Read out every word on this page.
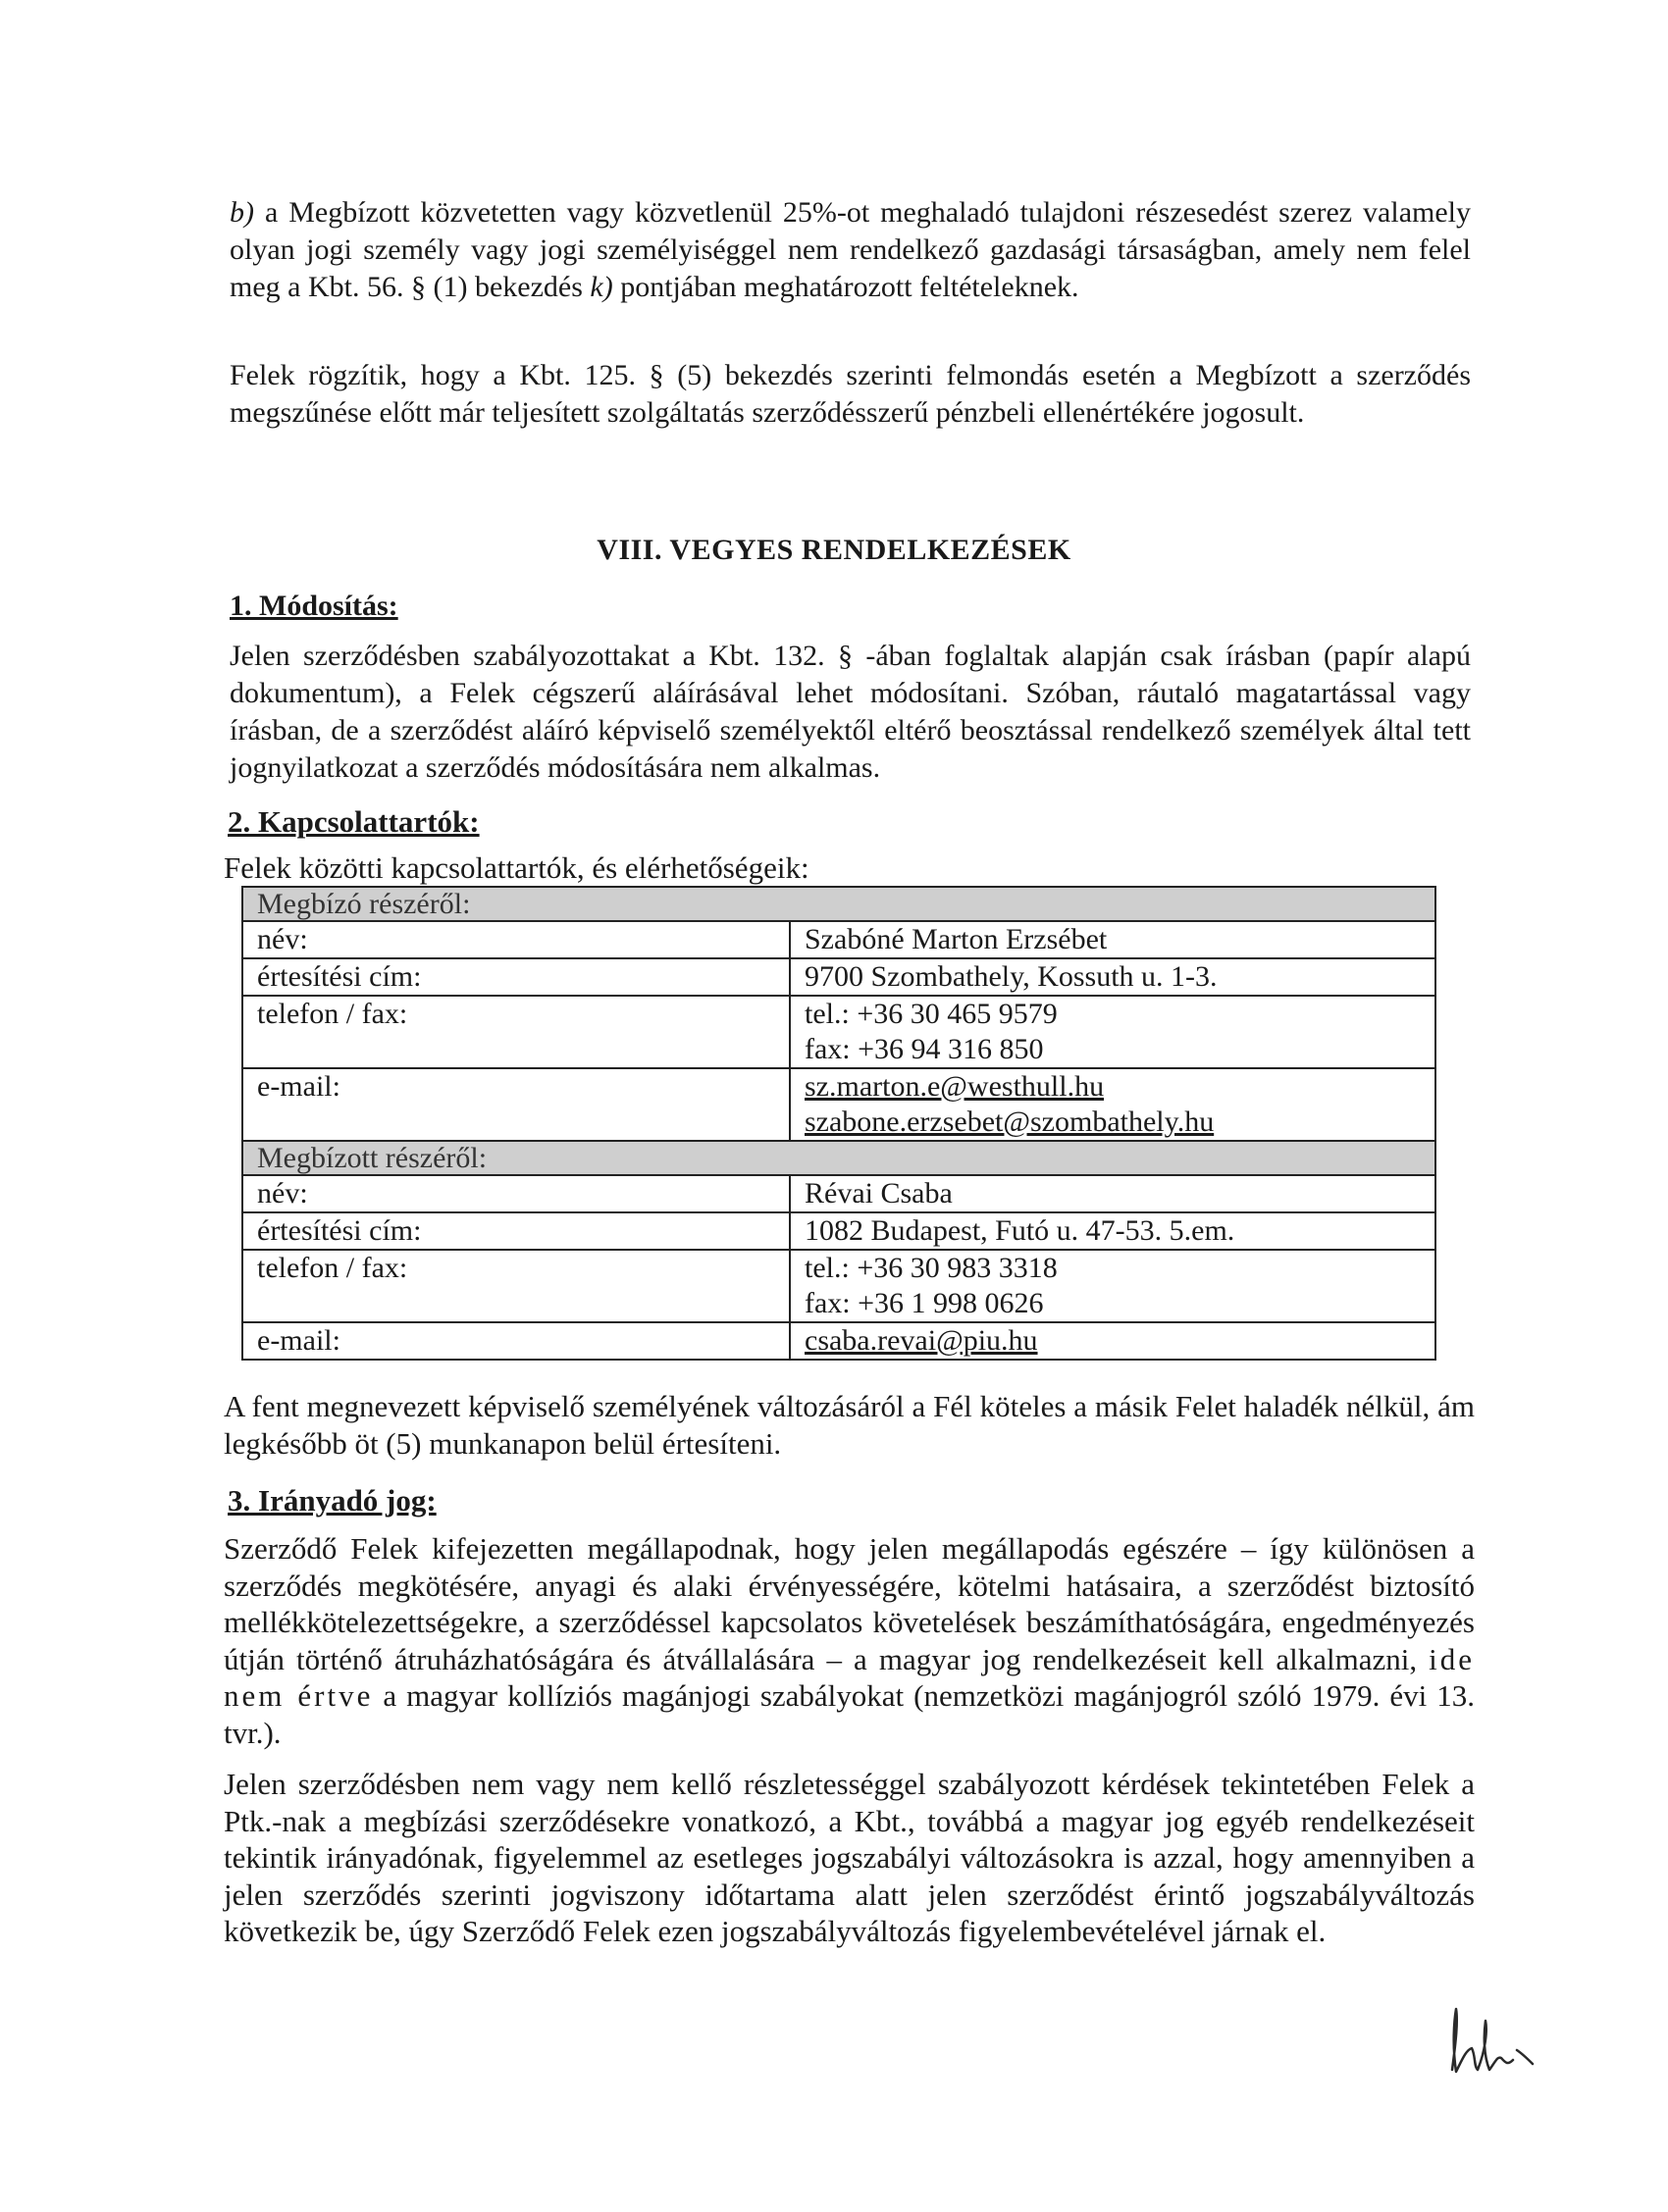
b) a Megbízott közvetetten vagy közvetlenül 25%-ot meghaladó tulajdoni részesedést szerez valamely olyan jogi személy vagy jogi személyiséggel nem rendelkező gazdasági társaságban, amely nem felel meg a Kbt. 56. § (1) bekezdés k) pontjában meghatározott feltételeknek.

Felek rögzítik, hogy a Kbt. 125. § (5) bekezdés szerinti felmondás esetén a Megbízott a szerződés megszűnése előtt már teljesített szolgáltatás szerződésszerű pénzbeli ellenértékére jogosult.

VIII. VEGYES RENDELKEZÉSEK
1. Módosítás:

Jelen szerződésben szabályozottakat a Kbt. 132. § -ában foglaltak alapján csak írásban (papír alapú dokumentum), a Felek cégszerű aláírásával lehet módosítani. Szóban, ráutaló magatartással vagy írásban, de a szerződést aláíró képviselő személyektől eltérő beosztással rendelkező személyek által tett jognyilatkozat a szerződés módosítására nem alkalmas.

2. Kapcsolattartók:

Felek közötti kapcsolattartók, és elérhetőségeik:

Megbízó részéről:	
név:	Szabóné Marton Erzsébet
értesítési cím:	9700 Szombathely, Kossuth u. 1-3.
telefon / fax:	tel.: +36 30 465 9579
fax: +36 94 316 850

e-mail:	sz.marton.e@westhull.hu
szabone.erzsebet@szombathely.hu

Megbízott részéről:	
név:	Révai Csaba
értesítési cím:	1082 Budapest, Futó u. 47-53. 5.em.
telefon / fax:	tel.: +36 30 983 3318
fax: +36 1 998 0626

e-mail:	csaba.revai@piu.hu

A fent megnevezett képviselő személyének változásáról a Fél köteles a másik Felet haladék nélkül, ám legkésőbb öt (5) munkanapon belül értesíteni.

3. Irányadó jog:

Szerződő Felek kifejezetten megállapodnak, hogy jelen megállapodás egészére – így különösen a szerződés megkötésére, anyagi és alaki érvényességére, kötelmi hatásaira, a szerződést biztosító mellékkötelezettségekre, a szerződéssel kapcsolatos követelések beszámíthatóságára, engedményezés útján történő átruházhatóságára és átvállalására – a magyar jog rendelkezéseit kell alkalmazni, ide nem értve a magyar kollíziós magánjogi szabályokat (nemzetközi magánjogról szóló 1979. évi 13. tvr.).

Jelen szerződésben nem vagy nem kellő részletességgel szabályozott kérdések tekintetében Felek a Ptk.-nak a megbízási szerződésekre vonatkozó, a Kbt., továbbá a magyar jog egyéb rendelkezéseit tekintik irányadónak, figyelemmel az esetleges jogszabályi változásokra is azzal, hogy amennyiben a jelen szerződés szerinti jogviszony időtartama alatt jelen szerződést érintő jogszabályváltozás következik be, úgy Szerződő Felek ezen jogszabályváltozás figyelembevételével járnak el.
